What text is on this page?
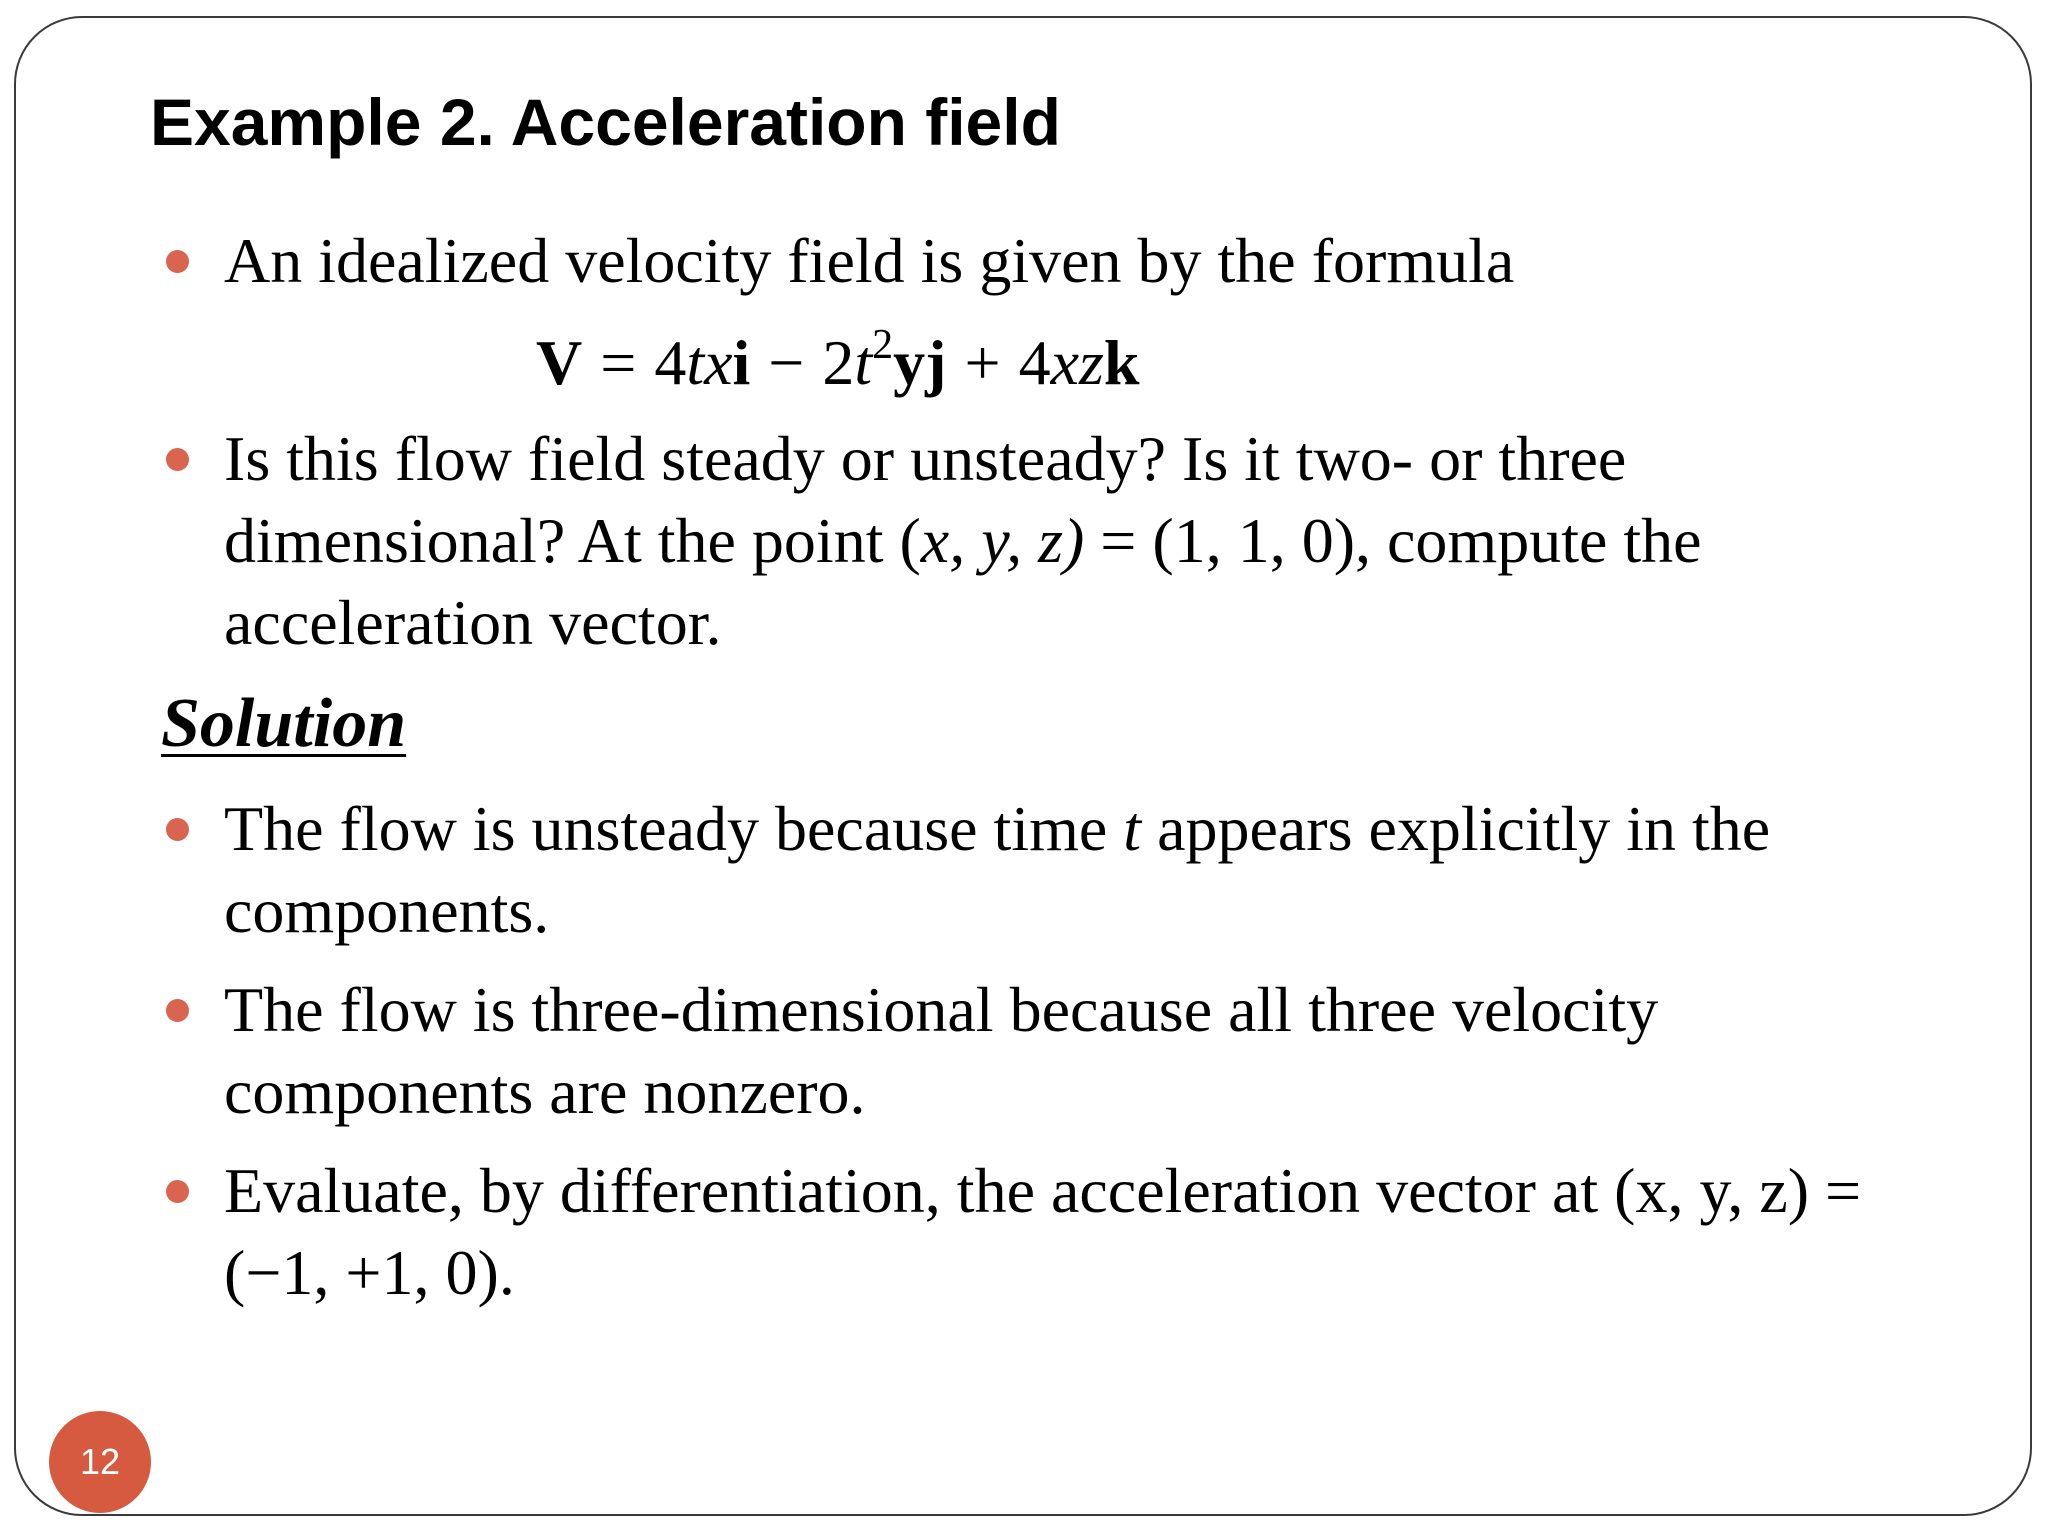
Example 2. Acceleration field
An idealized velocity field is given by the formula
$V = 4txi - 2t^2yj + 4xzk$
Is this flow field steady or unsteady? Is it two- or three dimensional? At the point (x, y, z) = (1, 1, 0), compute the acceleration vector.
Solution
The flow is unsteady because time t appears explicitly in the components.
The flow is three-dimensional because all three velocity components are nonzero.
Evaluate, by differentiation, the acceleration vector at (x, y, z) = (−1, +1, 0).
12
